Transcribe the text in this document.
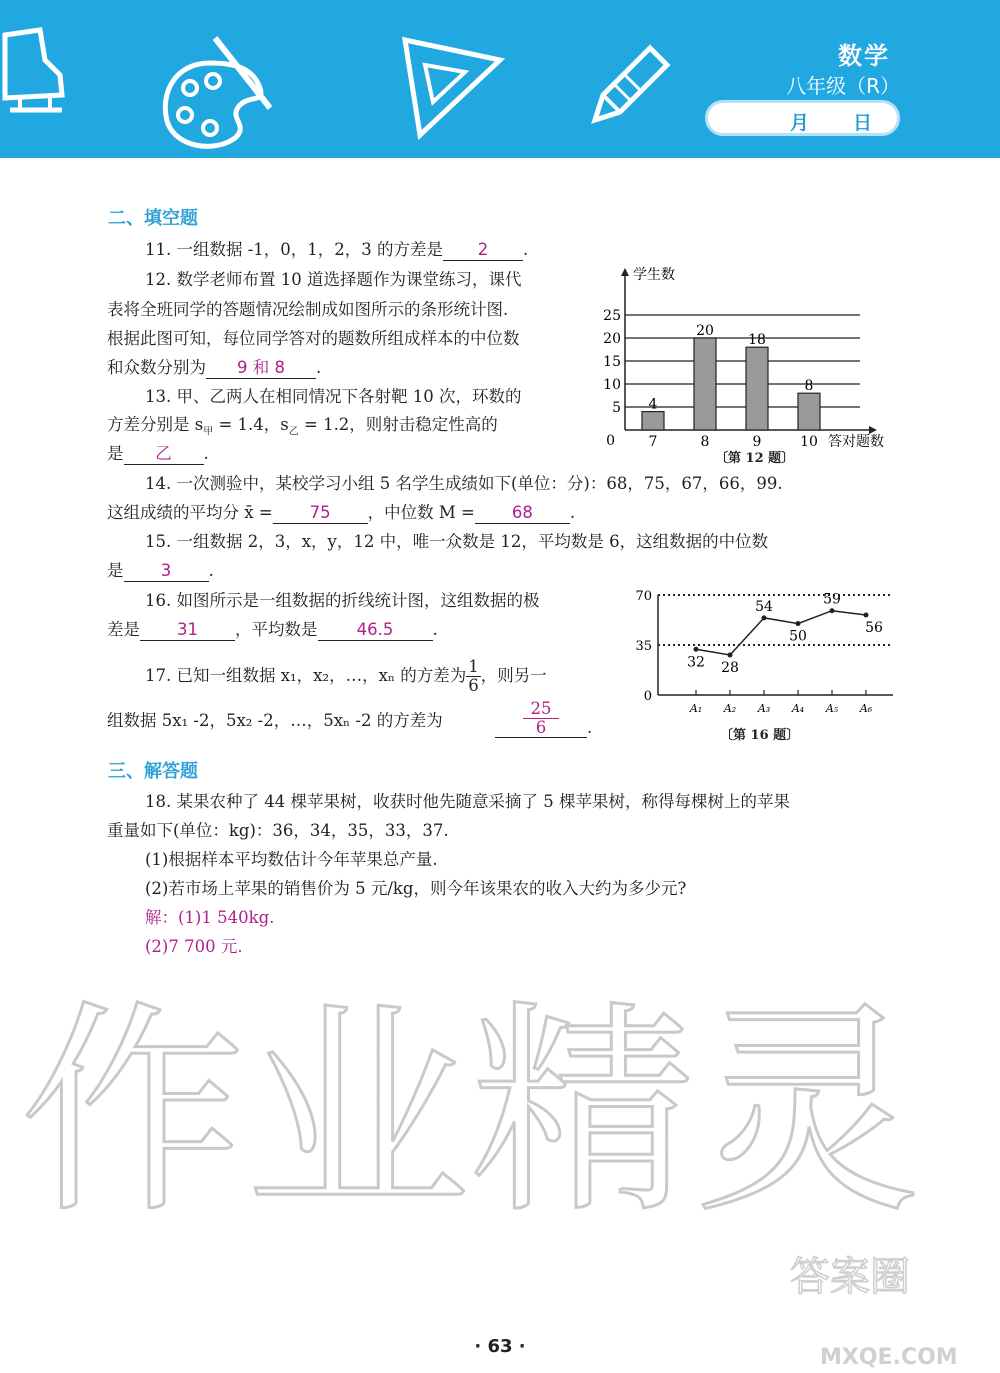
数学
八年级（R）
月 日
二、填空题
11. 一组数据 -1，0，1，2，3 的方差是 2 .
12. 数学老师布置 10 道选择题作为课堂练习，课代
表将全班同学的答题情况绘制成如图所示的条形统计图.
根据此图可知，每位同学答对的题数所组成样本的中位数
和众数分别为 9 和 8 .
13. 甲、乙两人在相同情况下各射靶 10 次，环数的
方差分别是 $s_甲 = 1.4$，$s_乙 = 1.2$，则射击稳定性高的
是 乙 .
0
5
10
15
20
25
学生数
答对题数
4
7
20
8
18
9
8
10
〔第 12 题〕
14. 一次测验中，某校学习小组 5 名学生成绩如下(单位：分)：68，75，67，66，99.
这组成绩的平均分 x̄ = 75 ，中位数 M = 68 .
15. 一组数据 2，3，x，y，12 中，唯一众数是 12，平均数是 6，这组数据的中位数
是 3 .
16. 如图所示是一组数据的折线统计图，这组数据的极
差是 31 ，平均数是 46.5 .
17. 已知一组数据 x₁，x₂，…，xₙ 的方差为 $\frac{1}{6}$，则另一
组数据 5x₁ -2，5x₂ -2，…，5xₙ -2 的方差为	$\frac{25}{6}$ .
0
35
70
32
A₁
28
A₂
54
A₃
50
A₄
59
A₅
56
A₆
〔第 16 题〕
三、解答题
18. 某果农种了 44 棵苹果树，收获时他先随意采摘了 5 棵苹果树，称得每棵树上的苹果
重量如下(单位：kg)：36，34，35，33，37.
(1)根据样本平均数估计今年苹果总产量.
(2)若市场上苹果的销售价为 5 元/kg，则今年该果农的收入大约为多少元?
解：(1)1 540kg.
(2)7 700 元.
作业精灵
答案圈
MXQE.COM
· 63 ·
